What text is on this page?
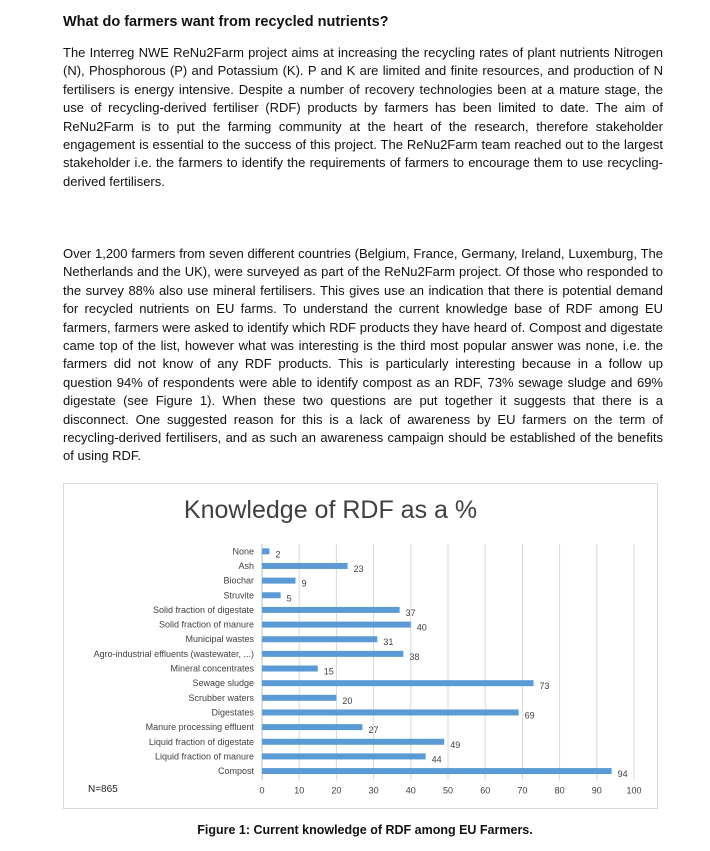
What do farmers want from recycled nutrients?

The Interreg NWE ReNu2Farm project aims at increasing the recycling rates of plant nutrients Nitrogen (N), Phosphorous (P) and Potassium (K). P and K are limited and finite resources, and production of N fertilisers is energy intensive. Despite a number of recovery technologies been at a mature stage, the use of recycling-derived fertiliser (RDF) products by farmers has been limited to date. The aim of ReNu2Farm is to put the farming community at the heart of the research, therefore stakeholder engagement is essential to the success of this project. The ReNu2Farm team reached out to the largest stakeholder i.e. the farmers to identify the requirements of farmers to encourage them to use recycling-derived fertilisers.

Over 1,200 farmers from seven different countries (Belgium, France, Germany, Ireland, Luxemburg, The Netherlands and the UK), were surveyed as part of the ReNu2Farm project. Of those who responded to the survey 88% also use mineral fertilisers. This gives use an indication that there is potential demand for recycled nutrients on EU farms. To understand the current knowledge base of RDF among EU farmers, farmers were asked to identify which RDF products they have heard of. Compost and digestate came top of the list, however what was interesting is the third most popular answer was none, i.e. the farmers did not know of any RDF products. This is particularly interesting because in a follow up question 94% of respondents were able to identify compost as an RDF, 73% sewage sludge and 69% digestate (see Figure 1). When these two questions are put together it suggests that there is a disconnect. One suggested reason for this is a lack of awareness by EU farmers on the term of recycling-derived fertilisers, and as such an awareness campaign should be established of the benefits of using RDF.

Knowledge of RDF as a %
None 2
Ash	23
Biochar	9
Struvite	5
Solid fraction of digestate	37
Solid fraction of manure	40
Municipal wastes	31
Agro-industrial effluents (wastewater, ...)	38
Mineral concentrates	15
Sewage sludge	73
Scrubber waters	20
Digestates	69
Manure processing effluent	27
Liquid fraction of digestate	49
Liquid fraction of manure	44
Compost	94
0	10	20	30	40	50	60	70	80	90	100
N=865
Figure 1: Current knowledge of RDF among EU Farmers.
